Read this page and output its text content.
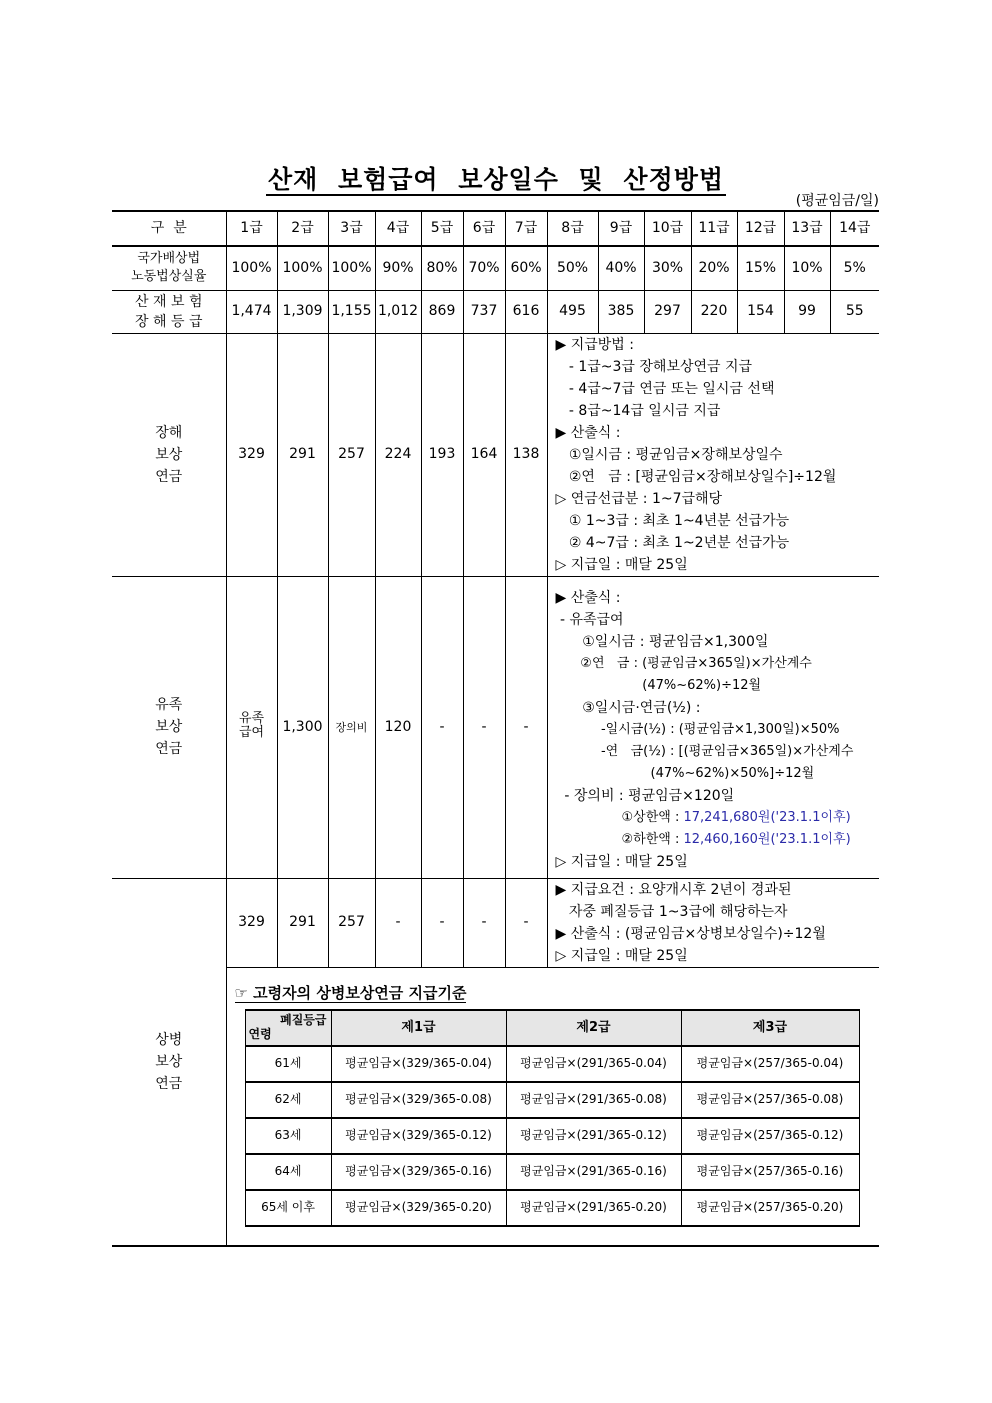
산재 보험급여 보상일수 및 산정방법
(평균임금/일)
구  분	1급	2급	3급	4급	5급	6급	7급	8급	9급	10급	11급	12급	13급	14급

국가배상법
노동법상실율
	100%	100%	100%	90%	80%	70%	60%	50%	40%	30%	20%	15%	10%	5%

산 재 보 험
장 해 등 급
	1,474	1,309	1,155	1,012	869	737	616	495	385	297	220	154	99	55

장해
보상
연금
	329	291	257	224	193	164	138	
▶ 지급방법 :
- 1급~3급 장해보상연금 지급
- 4급~7급 연금 또는 일시금 선택
- 8급~14급 일시금 지급
▶ 산출식 :
①일시금 : 평균임금×장해보상일수
②연   금 : [평균임금×장해보상일수]÷12월
▷ 연금선급분 : 1~7급해당
① 1~3급 : 최초 1~4년분 선급가능
② 4~7급 : 최초 1~2년분 선급가능
▷ 지급일 : 매달 25일

유족
보상
연금
	유족급여	1,300	장의비	120	-	-	-	
▶ 산출식 :
- 유족급여
①일시금 : 평균임금×1,300일
②연   금 : (평균임금×365일)×가산계수
(47%~62%)÷12월
③일시금·연금(½) :
-일시금(½) : (평균임금×1,300일)×50%
-연   금(½) : [(평균임금×365일)×가산계수
(47%~62%)×50%]÷12월
- 장의비 : 평균임금×120일
①상한액 : 17,241,680원('23.1.1이후)
②하한액 : 12,460,160원('23.1.1이후)
▷ 지급일 : 매달 25일

상병
보상
연금
	329	291	257	-	-	-	-	
▶ 지급요건 : 요양개시후 2년이 경과된
자중 폐질등급 1~3급에 해당하는자
▶ 산출식 : (평균임금×상병보상일수)÷12월
▷ 지급일 : 매달 25일

☞ 고령자의 상병보상연금 지급기준
폐질등급
연령	제1급	제2급	제3급
61세	평균임금×(329/365-0.04)	평균임금×(291/365-0.04)	평균임금×(257/365-0.04)
62세	평균임금×(329/365-0.08)	평균임금×(291/365-0.08)	평균임금×(257/365-0.08)
63세	평균임금×(329/365-0.12)	평균임금×(291/365-0.12)	평균임금×(257/365-0.12)
64세	평균임금×(329/365-0.16)	평균임금×(291/365-0.16)	평균임금×(257/365-0.16)
65세 이후	평균임금×(329/365-0.20)	평균임금×(291/365-0.20)	평균임금×(257/365-0.20)
